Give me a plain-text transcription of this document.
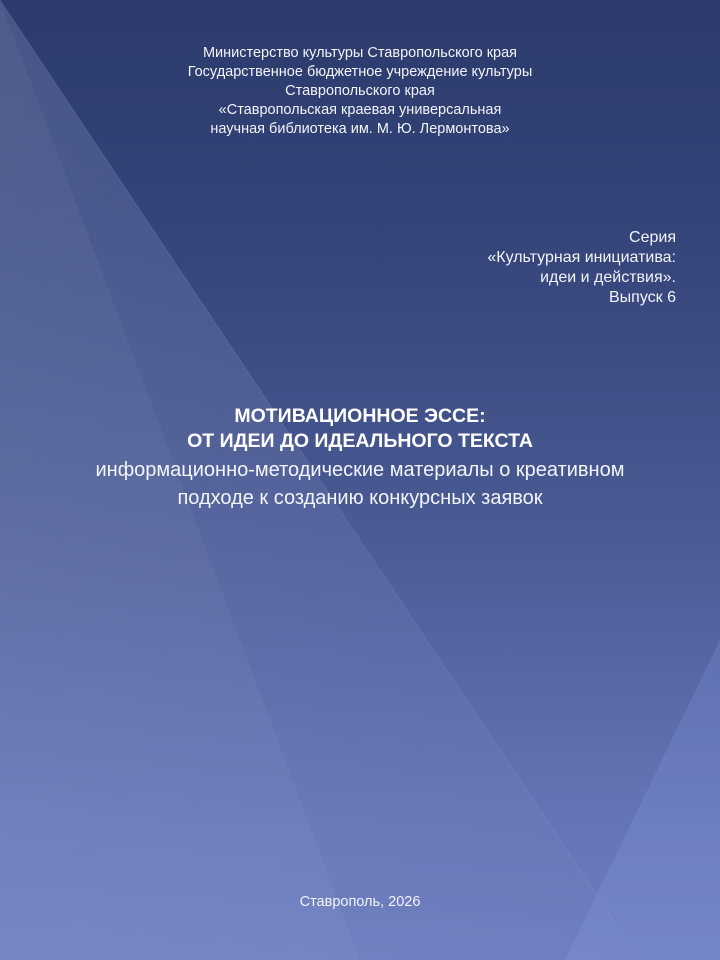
Министерство культуры Ставропольского края
Государственное бюджетное учреждение культуры
Ставропольского края
«Ставропольская краевая универсальная
научная библиотека им. М. Ю. Лермонтова»
Серия
«Культурная инициатива:
идеи и действия».
Выпуск 6
МОТИВАЦИОННОЕ ЭССЕ:
ОТ ИДЕИ ДО ИДЕАЛЬНОГО ТЕКСТА
информационно-методические материалы о креативном подходе к созданию конкурсных заявок
Ставрополь, 2026
